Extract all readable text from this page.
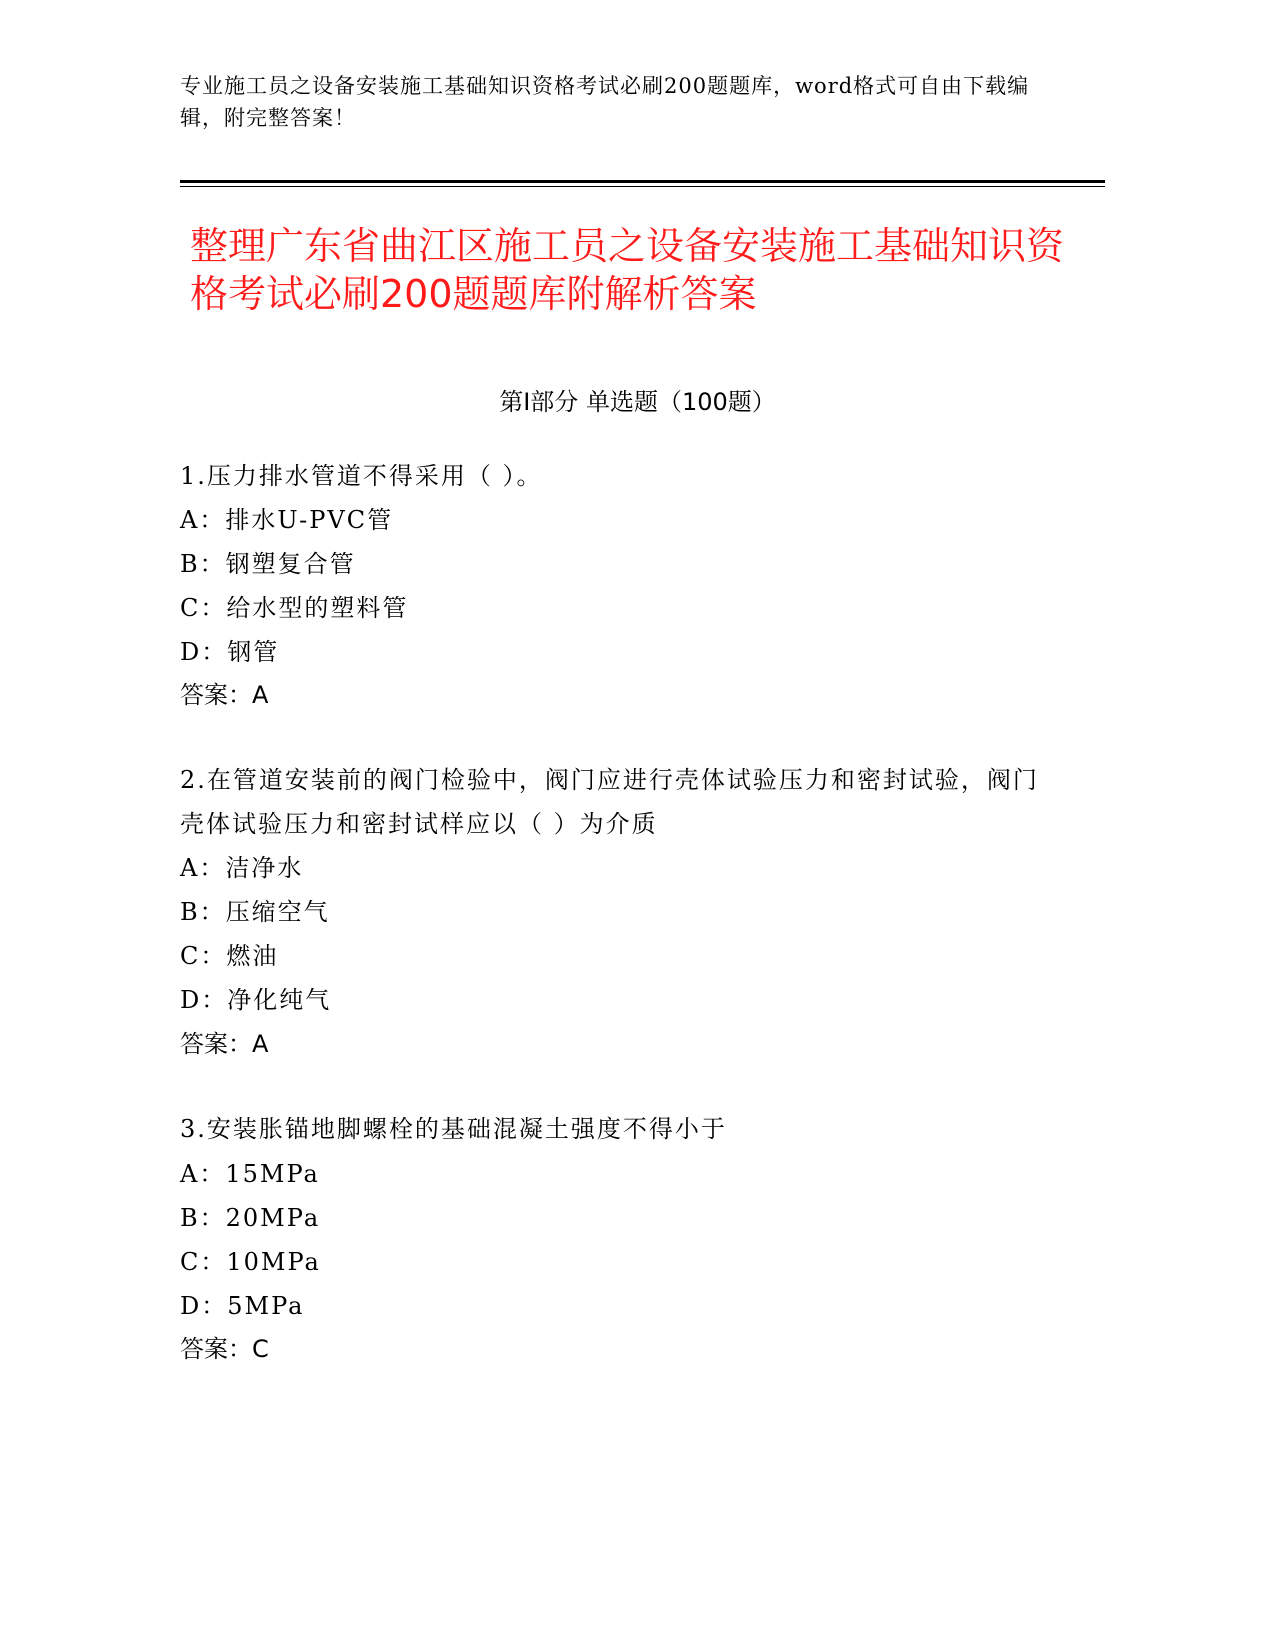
专业施工员之设备安装施工基础知识资格考试必刷200题题库，word格式可自由下载编辑，附完整答案！
整理广东省曲江区施工员之设备安装施工基础知识资格考试必刷200题题库附解析答案
第Ⅰ部分 单选题（100题）
1.压力排水管道不得采用（ ）。
A：排水U-PVC管
B：钢塑复合管
C：给水型的塑料管
D：钢管
答案：A
2.在管道安装前的阀门检验中，阀门应进行壳体试验压力和密封试验，阀门壳体试验压力和密封试样应以（ ）为介质
A：洁净水
B：压缩空气
C：燃油
D：净化纯气
答案：A
3.安装胀锚地脚螺栓的基础混凝土强度不得小于
A：15MPa
B：20MPa
C：10MPa
D：5MPa
答案：C
